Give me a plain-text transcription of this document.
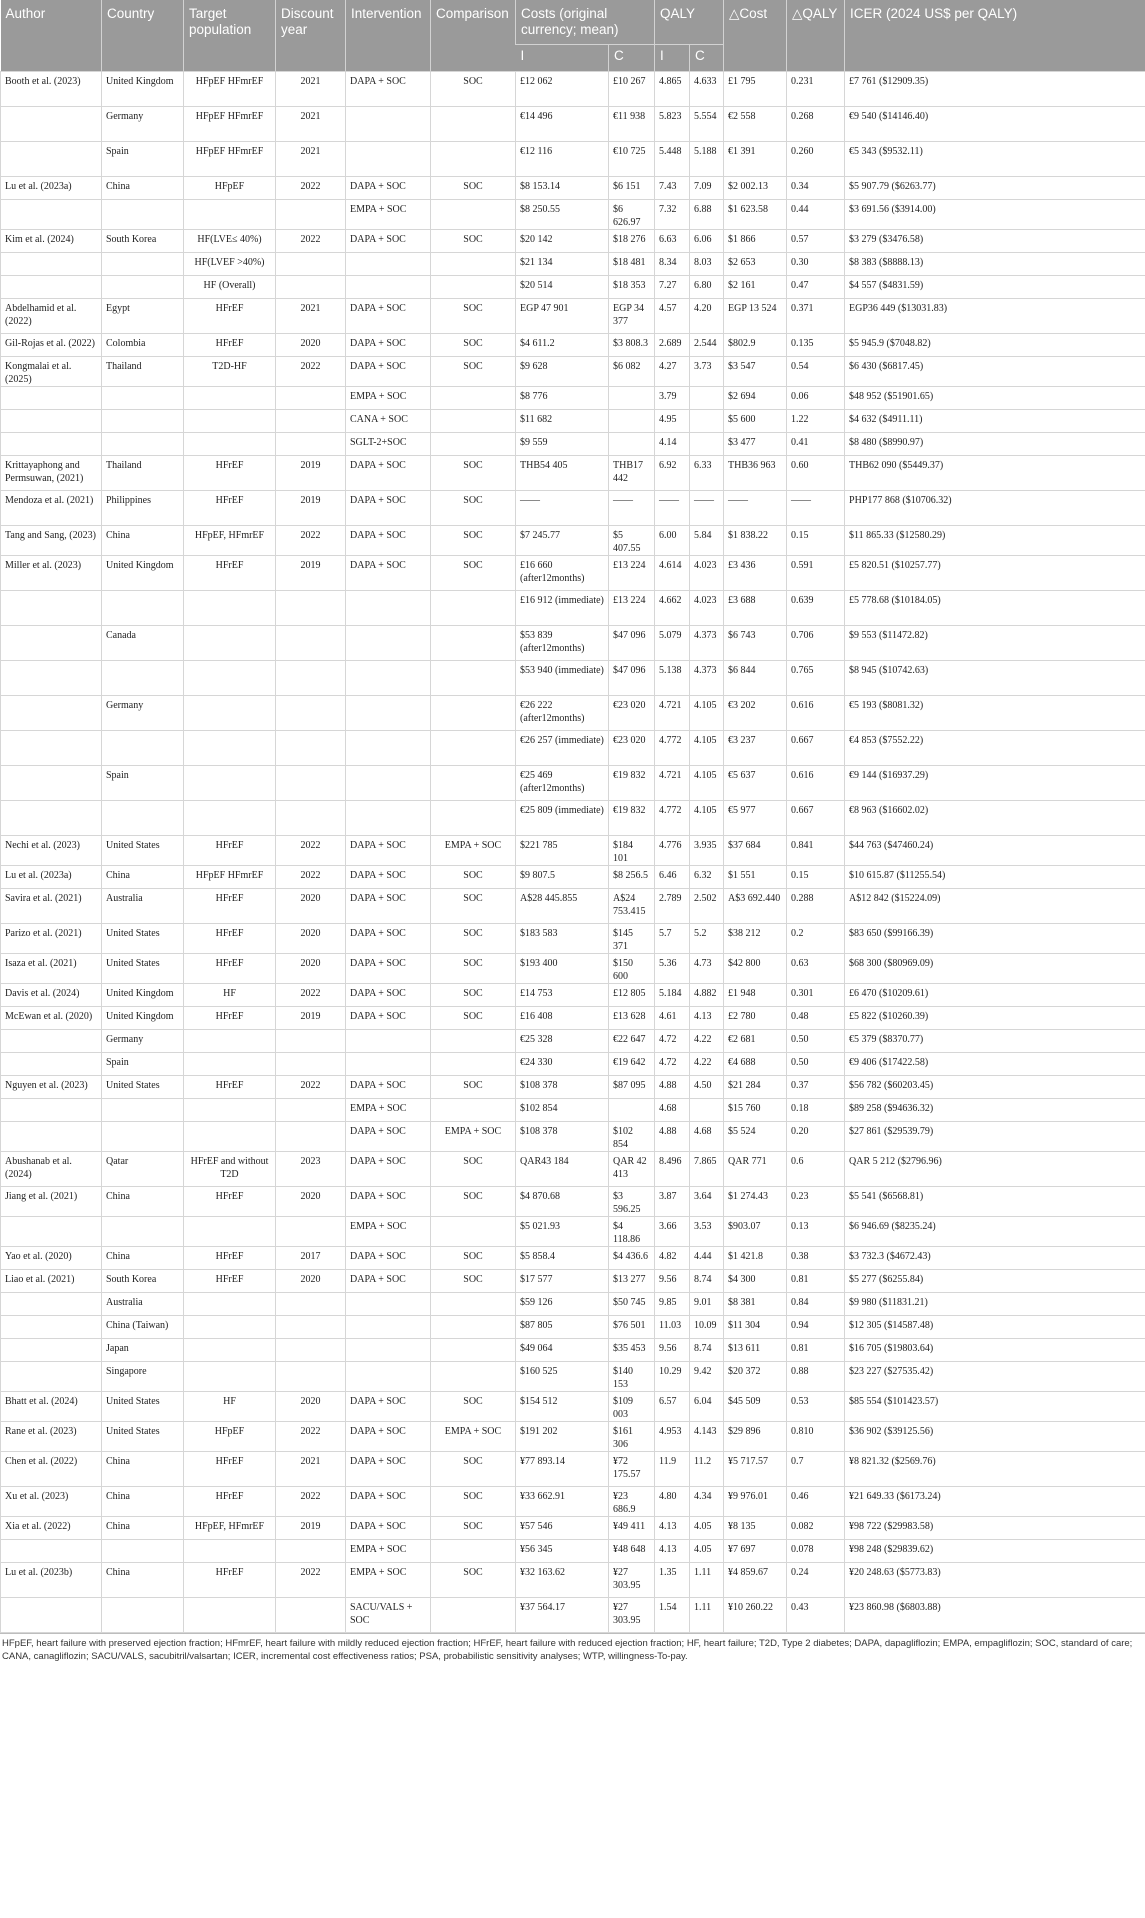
Author	Country	Target population	Discount year	Intervention	Comparison	Costs (original currency; mean)		QALY		△Cost	△QALY	ICER (2024 US$ per QALY)
						I	C	I	C			
Booth et al. (2023)	United Kingdom	HFpEF HFmrEF	2021	DAPA + SOC	SOC	£12 062	£10 267	4.865	4.633	£1 795	0.231	£7 761 ($12909.35)
	Germany	HFpEF HFmrEF	2021			€14 496	€11 938	5.823	5.554	€2 558	0.268	€9 540 ($14146.40)
	Spain	HFpEF HFmrEF	2021			€12 116	€10 725	5.448	5.188	€1 391	0.260	€5 343 ($9532.11)
Lu et al. (2023a)	China	HFpEF	2022	DAPA + SOC	SOC	$8 153.14	$6 151	7.43	7.09	$2 002.13	0.34	$5 907.79 ($6263.77)
				EMPA + SOC		$8 250.55	$6 626.97	7.32	6.88	$1 623.58	0.44	$3 691.56 ($3914.00)
Kim et al. (2024)	South Korea	HF(LVE≤ 40%)	2022	DAPA + SOC	SOC	$20 142	$18 276	6.63	6.06	$1 866	0.57	$3 279 ($3476.58)
		HF(LVEF >40%)				$21 134	$18 481	8.34	8.03	$2 653	0.30	$8 383 ($8888.13)
		HF (Overall)				$20 514	$18 353	7.27	6.80	$2 161	0.47	$4 557 ($4831.59)
Abdelhamid et al. (2022)	Egypt	HFrEF	2021	DAPA + SOC	SOC	EGP 47 901	EGP 34 377	4.57	4.20	EGP 13 524	0.371	EGP36 449 ($13031.83)
Gil-Rojas et al. (2022)	Colombia	HFrEF	2020	DAPA + SOC	SOC	$4 611.2	$3 808.3	2.689	2.544	$802.9	0.135	$5 945.9 ($7048.82)
Kongmalai et al. (2025)	Thailand	T2D-HF	2022	DAPA + SOC	SOC	$9 628	$6 082	4.27	3.73	$3 547	0.54	$6 430 ($6817.45)
				EMPA + SOC		$8 776		3.79		$2 694	0.06	$48 952 ($51901.65)
				CANA + SOC		$11 682		4.95		$5 600	1.22	$4 632 ($4911.11)
				SGLT-2+SOC		$9 559		4.14		$3 477	0.41	$8 480 ($8990.97)
Krittayaphong and Permsuwan, (2021)	Thailand	HFrEF	2019	DAPA + SOC	SOC	THB54 405	THB17 442	6.92	6.33	THB36 963	0.60	THB62 090 ($5449.37)
Mendoza et al. (2021)	Philippines	HFrEF	2019	DAPA + SOC	SOC	——	——	——	——	——	——	PHP177 868 ($10706.32)
Tang and Sang, (2023)	China	HFpEF, HFmrEF	2022	DAPA + SOC	SOC	$7 245.77	$5 407.55	6.00	5.84	$1 838.22	0.15	$11 865.33 ($12580.29)
Miller et al. (2023)	United Kingdom	HFrEF	2019	DAPA + SOC	SOC	£16 660 (after12months)	£13 224	4.614	4.023	£3 436	0.591	£5 820.51 ($10257.77)
						£16 912 (immediate)	£13 224	4.662	4.023	£3 688	0.639	£5 778.68 ($10184.05)
	Canada					$53 839 (after12months)	$47 096	5.079	4.373	$6 743	0.706	$9 553 ($11472.82)
						$53 940 (immediate)	$47 096	5.138	4.373	$6 844	0.765	$8 945 ($10742.63)
	Germany					€26 222 (after12months)	€23 020	4.721	4.105	€3 202	0.616	€5 193 ($8081.32)
						€26 257 (immediate)	€23 020	4.772	4.105	€3 237	0.667	€4 853 ($7552.22)
	Spain					€25 469 (after12months)	€19 832	4.721	4.105	€5 637	0.616	€9 144 ($16937.29)
						€25 809 (immediate)	€19 832	4.772	4.105	€5 977	0.667	€8 963 ($16602.02)
Nechi et al. (2023)	United States	HFrEF	2022	DAPA + SOC	EMPA + SOC	$221 785	$184 101	4.776	3.935	$37 684	0.841	$44 763 ($47460.24)
Lu et al. (2023a)	China	HFpEF HFmrEF	2022	DAPA + SOC	SOC	$9 807.5	$8 256.5	6.46	6.32	$1 551	0.15	$10 615.87 ($11255.54)
Savira et al. (2021)	Australia	HFrEF	2020	DAPA + SOC	SOC	A$28 445.855	A$24 753.415	2.789	2.502	A$3 692.440	0.288	A$12 842 ($15224.09)
Parizo et al. (2021)	United States	HFrEF	2020	DAPA + SOC	SOC	$183 583	$145 371	5.7	5.2	$38 212	0.2	$83 650 ($99166.39)
Isaza et al. (2021)	United States	HFrEF	2020	DAPA + SOC	SOC	$193 400	$150 600	5.36	4.73	$42 800	0.63	$68 300 ($80969.09)
Davis et al. (2024)	United Kingdom	HF	2022	DAPA + SOC	SOC	£14 753	£12 805	5.184	4.882	£1 948	0.301	£6 470 ($10209.61)
McEwan et al. (2020)	United Kingdom	HFrEF	2019	DAPA + SOC	SOC	£16 408	£13 628	4.61	4.13	£2 780	0.48	£5 822 ($10260.39)
	Germany					€25 328	€22 647	4.72	4.22	€2 681	0.50	€5 379 ($8370.77)
	Spain					€24 330	€19 642	4.72	4.22	€4 688	0.50	€9 406 ($17422.58)
Nguyen et al. (2023)	United States	HFrEF	2022	DAPA + SOC	SOC	$108 378	$87 095	4.88	4.50	$21 284	0.37	$56 782 ($60203.45)
				EMPA + SOC		$102 854		4.68		$15 760	0.18	$89 258 ($94636.32)
				DAPA + SOC	EMPA + SOC	$108 378	$102 854	4.88	4.68	$5 524	0.20	$27 861 ($29539.79)
Abushanab et al. (2024)	Qatar	HFrEF and without T2D	2023	DAPA + SOC	SOC	QAR43 184	QAR 42 413	8.496	7.865	QAR 771	0.6	QAR 5 212 ($2796.96)
Jiang et al. (2021)	China	HFrEF	2020	DAPA + SOC	SOC	$4 870.68	$3 596.25	3.87	3.64	$1 274.43	0.23	$5 541 ($6568.81)
				EMPA + SOC		$5 021.93	$4 118.86	3.66	3.53	$903.07	0.13	$6 946.69 ($8235.24)
Yao et al. (2020)	China	HFrEF	2017	DAPA + SOC	SOC	$5 858.4	$4 436.6	4.82	4.44	$1 421.8	0.38	$3 732.3 ($4672.43)
Liao et al. (2021)	South Korea	HFrEF	2020	DAPA + SOC	SOC	$17 577	$13 277	9.56	8.74	$4 300	0.81	$5 277 ($6255.84)
	Australia					$59 126	$50 745	9.85	9.01	$8 381	0.84	$9 980 ($11831.21)
	China (Taiwan)					$87 805	$76 501	11.03	10.09	$11 304	0.94	$12 305 ($14587.48)
	Japan					$49 064	$35 453	9.56	8.74	$13 611	0.81	$16 705 ($19803.64)
	Singapore					$160 525	$140 153	10.29	9.42	$20 372	0.88	$23 227 ($27535.42)
Bhatt et al. (2024)	United States	HF	2020	DAPA + SOC	SOC	$154 512	$109 003	6.57	6.04	$45 509	0.53	$85 554 ($101423.57)
Rane et al. (2023)	United States	HFpEF	2022	DAPA + SOC	EMPA + SOC	$191 202	$161 306	4.953	4.143	$29 896	0.810	$36 902 ($39125.56)
Chen et al. (2022)	China	HFrEF	2021	DAPA + SOC	SOC	¥77 893.14	¥72 175.57	11.9	11.2	¥5 717.57	0.7	¥8 821.32 ($2569.76)
Xu et al. (2023)	China	HFrEF	2022	DAPA + SOC	SOC	¥33 662.91	¥23 686.9	4.80	4.34	¥9 976.01	0.46	¥21 649.33 ($6173.24)
Xia et al. (2022)	China	HFpEF, HFmrEF	2019	DAPA + SOC	SOC	¥57 546	¥49 411	4.13	4.05	¥8 135	0.082	¥98 722 ($29983.58)
				EMPA + SOC		¥56 345	¥48 648	4.13	4.05	¥7 697	0.078	¥98 248 ($29839.62)
Lu et al. (2023b)	China	HFrEF	2022	EMPA + SOC	SOC	¥32 163.62	¥27 303.95	1.35	1.11	¥4 859.67	0.24	¥20 248.63 ($5773.83)
				SACU/VALS + SOC		¥37 564.17	¥27 303.95	1.54	1.11	¥10 260.22	0.43	¥23 860.98 ($6803.88)
HFpEF, heart failure with preserved ejection fraction; HFmrEF, heart failure with mildly reduced ejection fraction; HFrEF, heart failure with reduced ejection fraction; HF, heart failure; T2D, Type 2 diabetes; DAPA, dapagliflozin; EMPA, empagliflozin; SOC, standard of care; CANA, canagliflozin; SACU/VALS, sacubitril/valsartan; ICER, incremental cost effectiveness ratios; PSA, probabilistic sensitivity analyses; WTP, willingness-To-pay.
